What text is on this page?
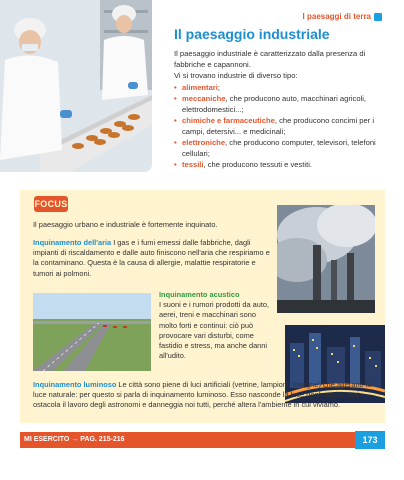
I paesaggi di terra
Il paesaggio industriale
Il paesaggio industriale è caratterizzato dalla presenza di fabbriche e capannoni.
Vi si trovano industrie di diverso tipo:
• alimentari;
• meccaniche, che producono auto, macchinari agricoli, elettrodomestici...;
• chimiche e farmaceutiche, che producono concimi per i campi, detersivi... e medicinali;
• elettroniche, che producono computer, televisori, telefoni cellulari;
• tessili, che producono tessuti e vestiti.
FOCUS
Il paesaggio urbano e industriale è fortemente inquinato.
Inquinamento dell'aria I gas e i fumi emessi dalle fabbriche, dagli impianti di riscaldamento e dalle auto finiscono nell'aria che respiriamo e la contaminano. Questa è la causa di allergie, malattie respiratorie e tumori ai polmoni.
Inquinamento acustico
I suoni e i rumori prodotti da auto, aerei, treni e macchinari sono molto forti e continui: ciò può provocare vari disturbi, come fastidio e stress, ma anche danni all'udito.
Inquinamento luminoso Le città sono piene di luci artificiali (vetrine, lampioni, insegne) che alterano la luce naturale: per questo si parla di inquinamento luminoso. Esso nasconde la luce degli astri e così ostacola il lavoro degli astronomi e danneggia noi tutti, perché altera l'ambiente in cui viviamo.
MI ESERCITO → PAG. 215-216	173
